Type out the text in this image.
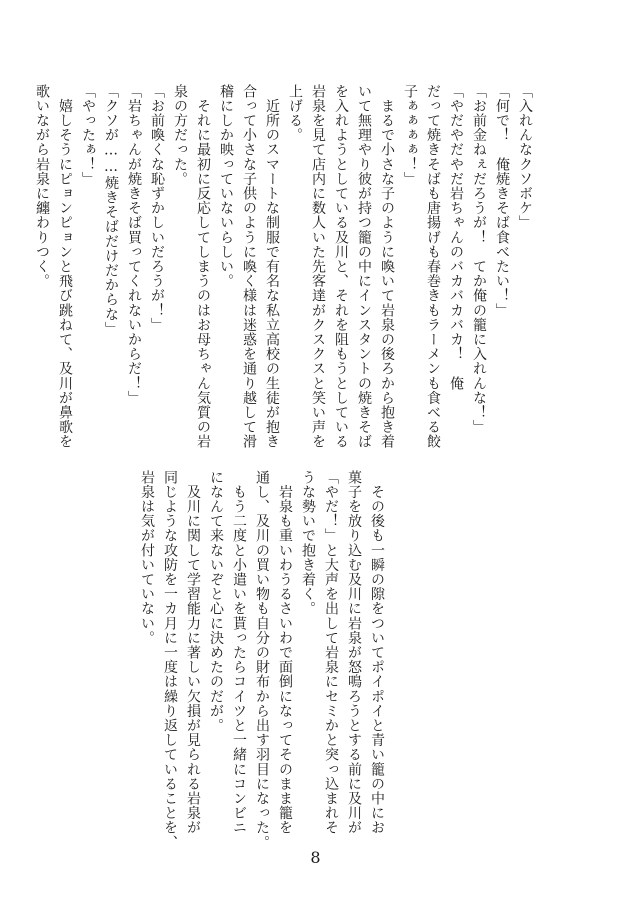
「入れんなクソボケ」
「何で！　俺焼きそば食べたい！」
「お前金ねぇだろうが！　てか俺の籠に入れんな！」
「やだやだやだ岩ちゃんのバカバカバカ！　俺
だって焼きそばも唐揚げも春巻きもラーメンも食べる餃
子ぁぁぁぁ！」
　まるで小さな子のように喚いて岩泉の後ろから抱き着
いて無理やり彼が持つ籠の中にインスタントの焼きそば
を入れようとしている及川と、それを阻もうとしている
岩泉を見て店内に数人いた先客達がクスクスと笑い声を
上げる。
　近所のスマートな制服で有名な私立高校の生徒が抱き
合って小さな子供のように喚く様は迷惑を通り越して滑
稽にしか映っていないらしい。
　それに最初に反応してしまうのはお母ちゃん気質の岩
泉の方だった。
「お前喚くな恥ずかしいだろうが！」
「岩ちゃんが焼きそば買ってくれないからだ！」
「クソが……焼きそばだけだからな」
「やったぁ！」
　嬉しそうにピョンピョンと飛び跳ねて、及川が鼻歌を
歌いながら岩泉に纏わりつく。
　その後も一瞬の隙をついてポイポイと青い籠の中にお
菓子を放り込む及川に岩泉が怒鳴ろうとする前に及川が
「やだ！」と大声を出して岩泉にセミかと突っ込まれそ
うな勢いで抱き着く。
　岩泉も重いわうるさいわで面倒になってそのまま籠を
通し、及川の買い物も自分の財布から出す羽目になった。
　もう二度と小遣いを貰ったらコイツと一緒にコンビニ
になんて来ないぞと心に決めたのだが。
　及川に関して学習能力に著しい欠損が見られる岩泉が
同じような攻防を一カ月に一度は繰り返していることを、
岩泉は気が付いていない。
8
